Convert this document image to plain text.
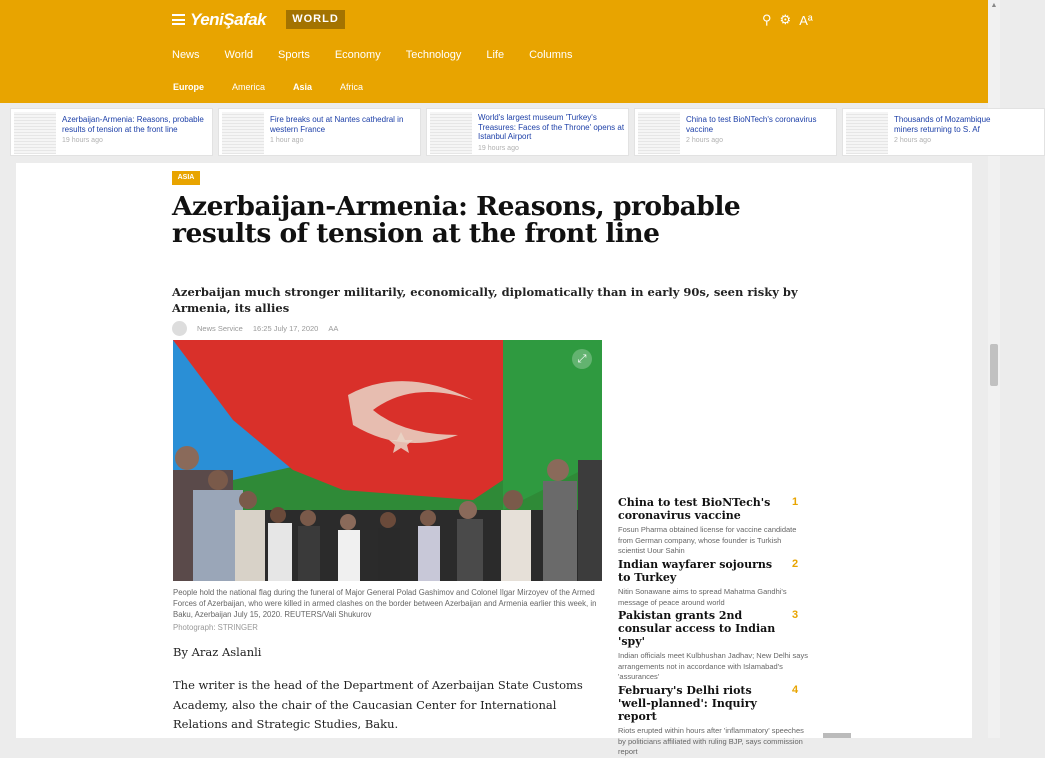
YeniŞafak	WORLD	⚲ ⚙ Aª
News World Sports Economy Technology Life Columns
Europe	America	Asia	Africa
▲
Azerbaijan-Armenia: Reasons, probable results of tension at the front line
19 hours ago
Fire breaks out at Nantes cathedral in western France
1 hour ago
World's largest museum 'Turkey's Treasures: Faces of the Throne' opens at Istanbul Airport
19 hours ago
China to test BioNTech's coronavirus vaccine
2 hours ago
Thousands of Mozambique miners returning to S. Af
2 hours ago
ASIA
Azerbaijan-Armenia: Reasons, probable results of tension at the front line
Azerbaijan much stronger militarily, economically, diplomatically than in early 90s, seen risky by Armenia, its allies
News Service 16:25 July 17, 2020 AA
⤢
People hold the national flag during the funeral of Major General Polad Gashimov and Colonel Ilgar Mirzoyev of the Armed Forces of Azerbaijan, who were killed in armed clashes on the border between Azerbaijan and Armenia earlier this week, in Baku, Azerbaijan July 15, 2020. REUTERS/Vali Shukurov
Photograph: STRINGER
By Araz Aslanli

The writer is the head of the Department of Azerbaijan State Customs Academy, also the chair of the Caucasian Center for International Relations and Strategic Studies, Baku.

China to test BioNTech's coronavirus vaccine
Fosun Pharma obtained license for vaccine candidate from German company, whose founder is Turkish scientist Uour Sahin
1
Indian wayfarer sojourns to Turkey
Nitin Sonawane aims to spread Mahatma Gandhi's message of peace around world
2
Pakistan grants 2nd consular access to Indian 'spy'
Indian officials meet Kulbhushan Jadhav; New Delhi says arrangements not in accordance with Islamabad's 'assurances'
3
February's Delhi riots 'well-planned': Inquiry report
Riots erupted within hours after 'inflammatory' speeches by politicians affiliated with ruling BJP, says commission report
4
